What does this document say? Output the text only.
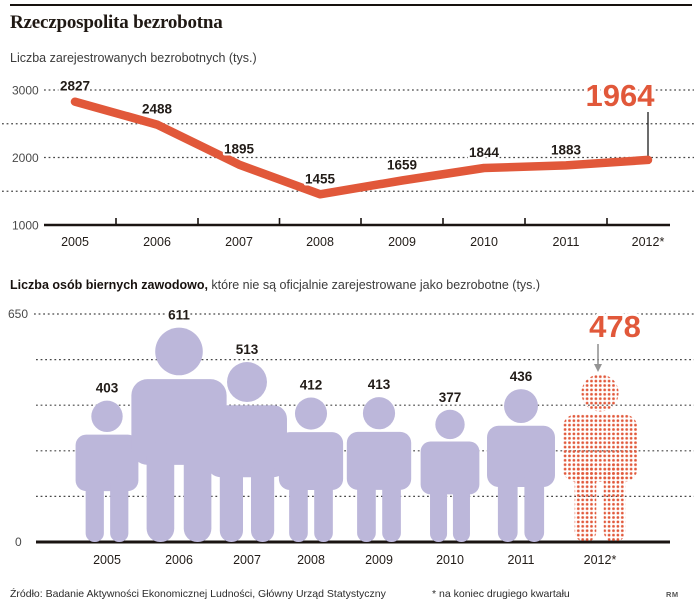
Rzeczpospolita bezrobotna
Liczba zarejestrowanych bezrobotnych (tys.)
3000
2000
1000
2827
2488
1895
1455
1659
1844	1883
1964
2005	2006	2007	2008	2009	2010	2011	2012*
Liczba osób biernych zawodowo, które nie są oficjalnie zarejestrowane jako bezrobotne (tys.)
650
0
403
611
513
412	413
377
436
478
2005	2006	2007	2008	2009	2010	2011	2012*
Źródło: Badanie Aktywności Ekonomicznej Ludności, Główny Urząd Statystyczny	* na koniec drugiego kwartału	RM
